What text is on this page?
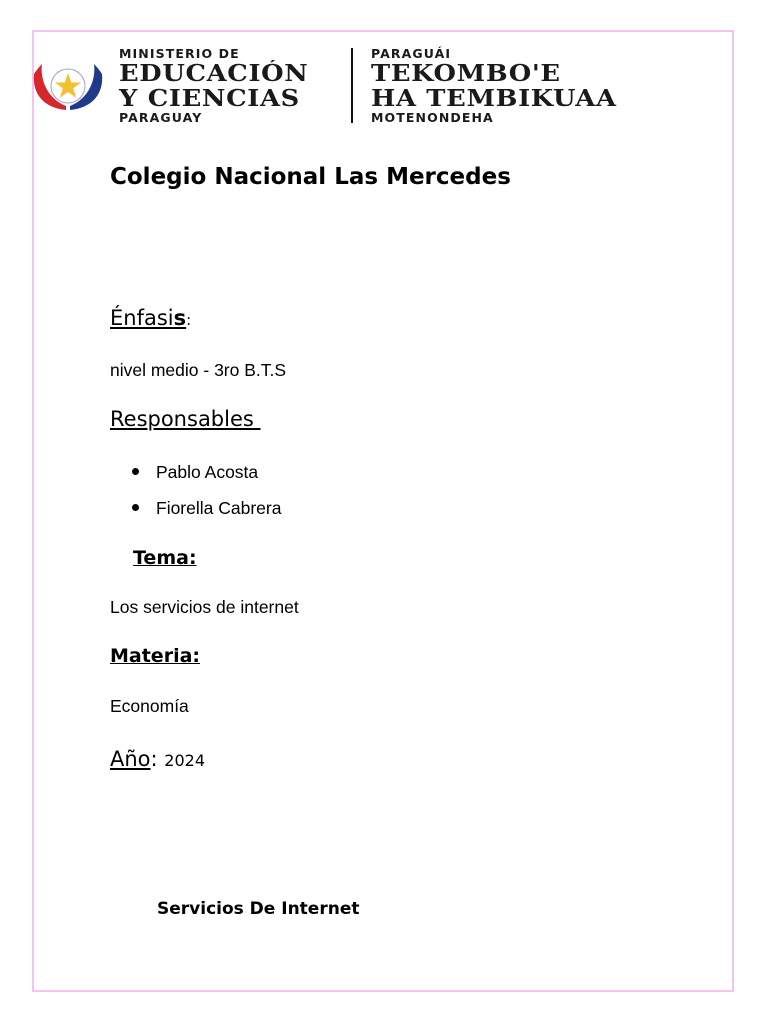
MINISTERIO DE
EDUCACIÓN
Y CIENCIAS
PARAGUAY
PARAGUÁI
TEKOMBO'E
HA TEMBIKUAA
MOTENONDEHA
Colegio Nacional Las Mercedes
Énfasis:
nivel medio - 3ro B.T.S
Responsables
Pablo Acosta
Fiorella Cabrera
Tema:
Los servicios de internet
Materia:
Economía
Año: 2024
Servicios De Internet
